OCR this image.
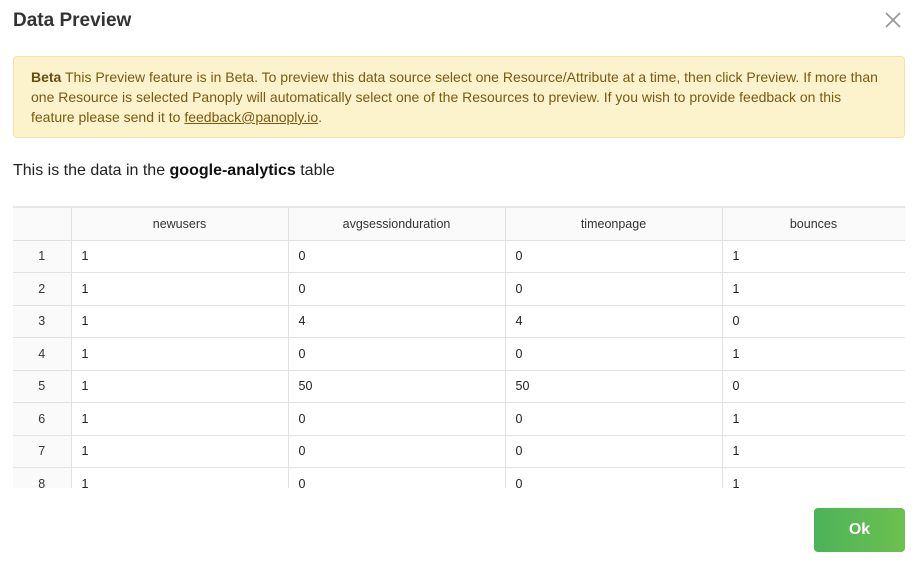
Data Preview
Beta This Preview feature is in Beta. To preview this data source select one Resource/Attribute at a time, then click Preview. If more than one Resource is selected Panoply will automatically select one of the Resources to preview. If you wish to provide feedback on this feature please send it to feedback@panoply.io.
This is the data in the google-analytics table
	newusers	avgsessionduration	timeonpage	bounces
1	1	0	0	1
2	1	0	0	1
3	1	4	4	0
4	1	0	0	1
5	1	50	50	0
6	1	0	0	1
7	1	0	0	1
8	1	0	0	1
Ok
